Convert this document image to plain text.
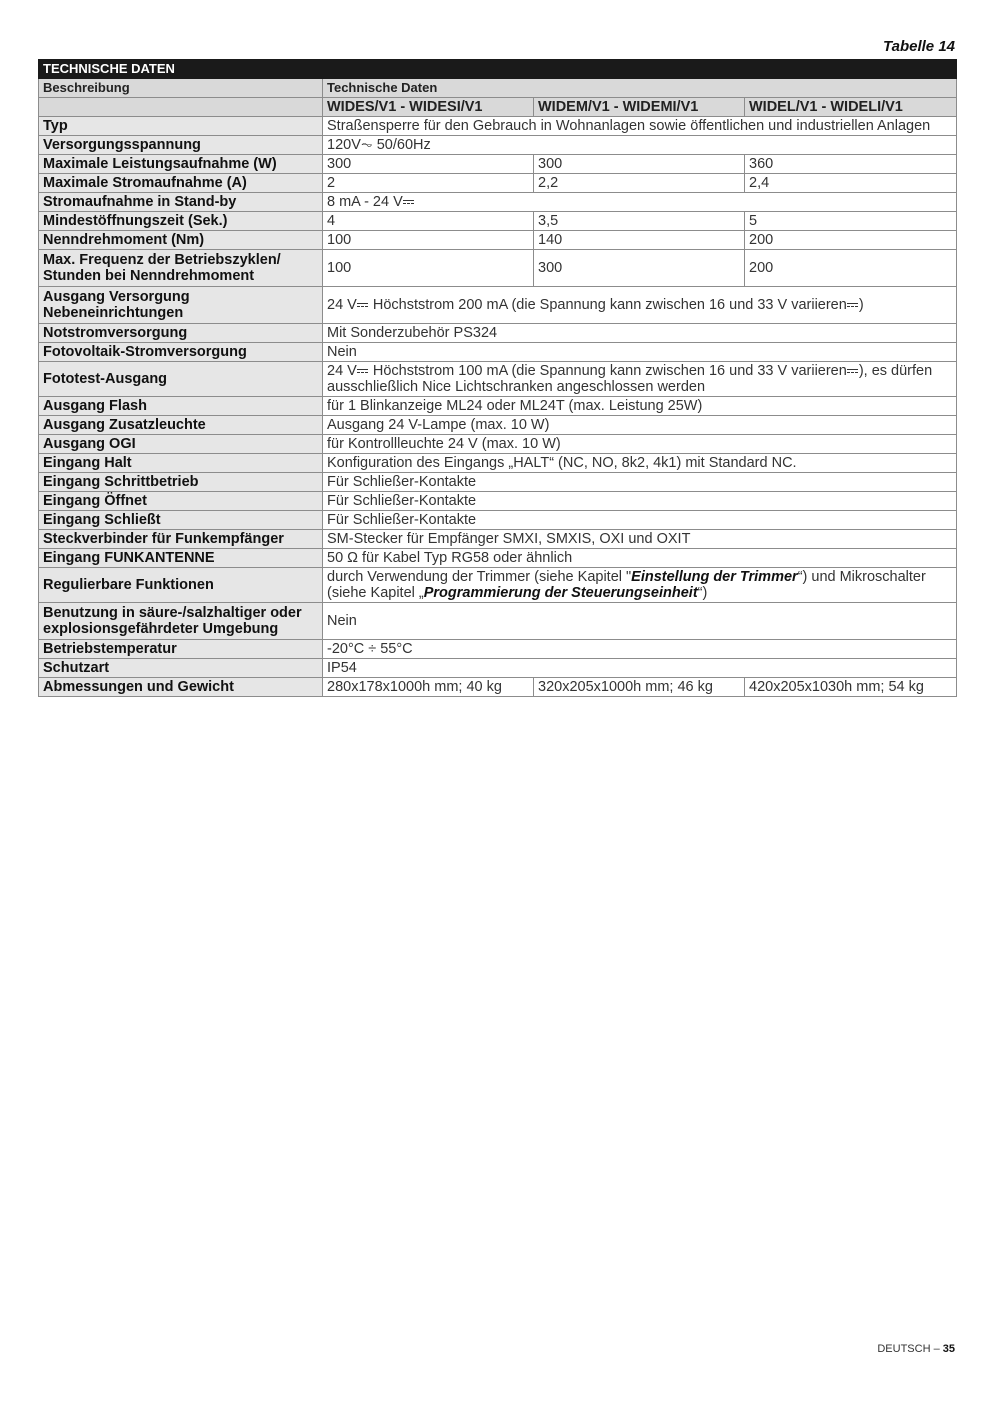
Tabelle 14
TECHNISCHE DATEN			
Beschreibung	Technische Daten		
	WIDES/V1 - WIDESI/V1	WIDEM/V1 - WIDEMI/V1	WIDEL/V1 - WIDELI/V1
Typ	Straßensperre für den Gebrauch in Wohnanlagen sowie öffentlichen und industriellen Anlagen		
Versorgungsspannung	120V⏦ 50/60Hz		
Maximale Leistungsaufnahme (W)	300	300	360
Maximale Stromaufnahme (A)	2	2,2	2,4
Stromaufnahme in Stand-by	8 mA - 24 V		
Mindestöffnungszeit (Sek.)	4	3,5	5
Nenndrehmoment (Nm)	100	140	200
Max. Frequenz der Betriebszyklen/
Stunden bei Nenndrehmoment	100	300	200
Ausgang Versorgung
Nebeneinrichtungen	24 V Höchststrom 200 mA (die Spannung kann zwischen 16 und 33 V variieren )		
Notstromversorgung	Mit Sonderzubehör PS324		
Fotovoltaik-Stromversorgung	Nein		
Fototest-Ausgang	24 V Höchststrom 100 mA (die Spannung kann zwischen 16 und 33 V variieren ), es dürfen ausschließlich Nice Lichtschranken angeschlossen werden		
Ausgang Flash	für 1 Blinkanzeige ML24 oder ML24T (max. Leistung 25W)		
Ausgang Zusatzleuchte	Ausgang 24 V-Lampe (max. 10 W)		
Ausgang OGI	für Kontrollleuchte 24 V (max. 10 W)		
Eingang Halt	Konfiguration des Eingangs „HALT“ (NC, NO, 8k2, 4k1) mit Standard NC.		
Eingang Schrittbetrieb	Für Schließer-Kontakte		
Eingang Öffnet	Für Schließer-Kontakte		
Eingang Schließt	Für Schließer-Kontakte		
Steckverbinder für Funkempfänger	SM-Stecker für Empfänger SMXI, SMXIS, OXI und OXIT		
Eingang FUNKANTENNE	50 Ω für Kabel Typ RG58 oder ähnlich		
Regulierbare Funktionen	durch Verwendung der Trimmer (siehe Kapitel "Einstellung der Trimmer“) und Mikroschalter (siehe Kapitel „Programmierung der Steuerungseinheit“)		
Benutzung in säure-/salzhaltiger oder
explosionsgefährdeter Umgebung	Nein		
Betriebstemperatur	-20°C ÷ 55°C		
Schutzart	IP54		
Abmessungen und Gewicht	280x178x1000h mm; 40 kg	320x205x1000h mm; 46 kg	420x205x1030h mm; 54 kg
DEUTSCH – 35
